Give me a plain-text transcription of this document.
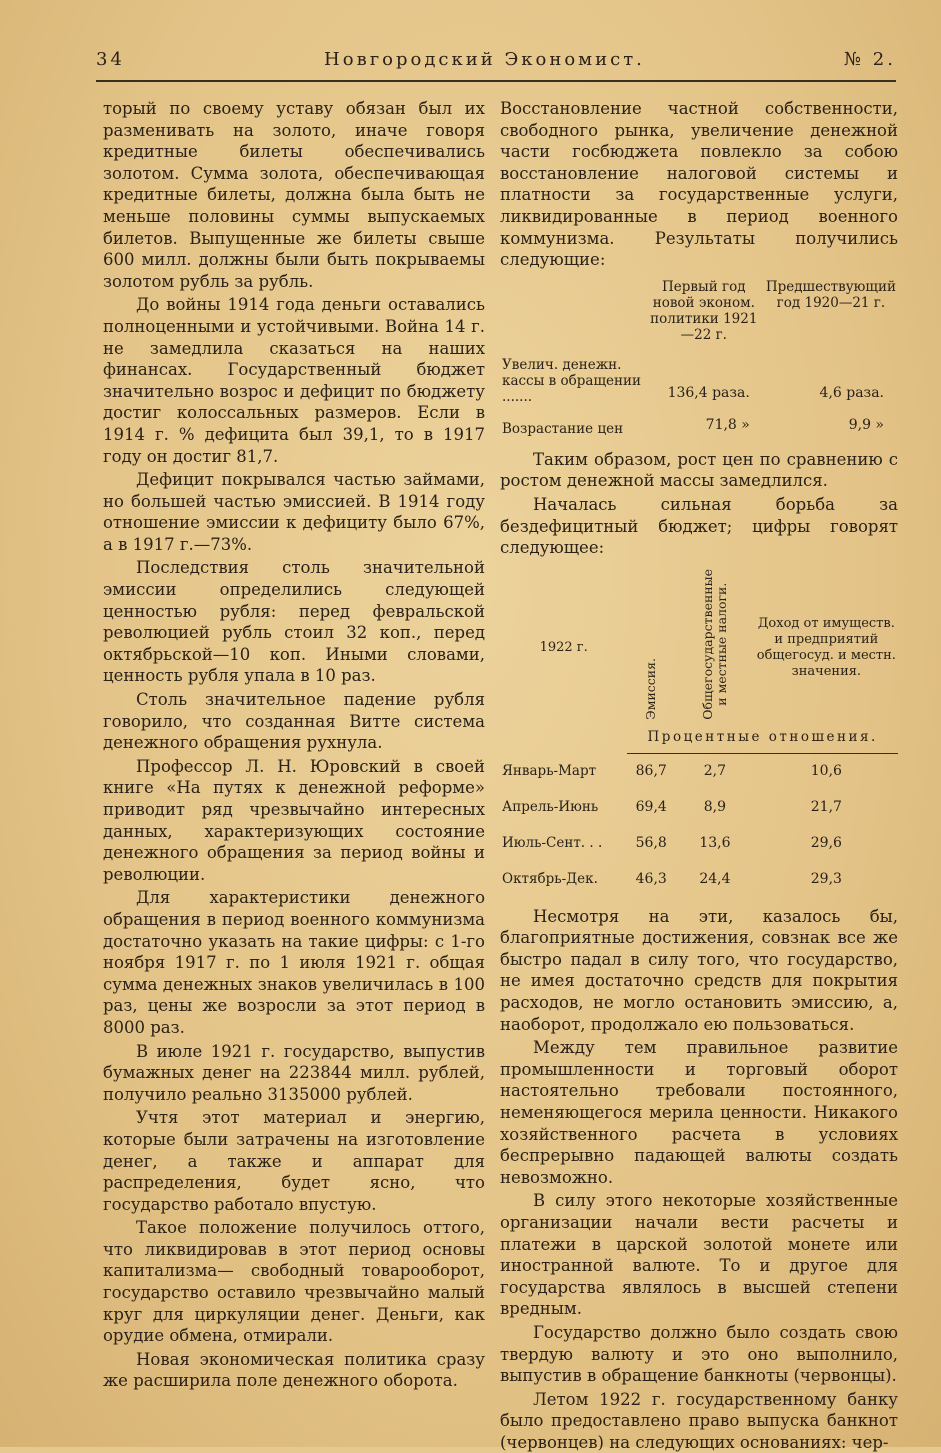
34	Новгородский Экономист.	№ 2.

торый по своему уставу обязан был их разменивать на золото, иначе говоря кредитные билеты обеспечивались золотом. Сумма золота, обеспечивающая кредитные билеты, должна была быть не меньше половины суммы выпускаемых билетов. Выпущенные же билеты свыше 600 милл. должны были быть покрываемы золотом рубль за рубль.

До войны 1914 года деньги оставались полноценными и устойчивыми. Война 14 г. не замедлила сказаться на наших финансах. Государственный бюджет значительно возрос и дефицит по бюджету достиг колоссальных размеров. Если в 1914 г. % дефицита был 39,1, то в 1917 году он достиг 81,7.

Дефицит покрывался частью займами, но большей частью эмиссией. В 1914 году отношение эмиссии к дефициту было 67%, а в 1917 г.—73%.

Последствия столь значительной эмиссии определились следующей ценностью рубля: перед февральской революцией рубль стоил 32 коп., перед октябрьской—10 коп. Иными словами, ценность рубля упала в 10 раз.

Столь значительное падение рубля говорило, что созданная Витте система денежного обращения рухнула.

Профессор Л. Н. Юровский в своей книге «На путях к денежной реформе» приводит ряд чрезвычайно интересных данных, характеризующих состояние денежного обращения за период войны и революции.

Для характеристики денежного обращения в период военного коммунизма достаточно указать на такие цифры: с 1-го ноября 1917 г. по 1 июля 1921 г. общая сумма денежных знаков увеличилась в 100 раз, цены же возросли за этот период в 8000 раз.

В июле 1921 г. государство, выпустив бумажных денег на 223844 милл. рублей, получило реально 3135000 рублей.

Учтя этот материал и энергию, которые были затрачены на изготовление денег, а также и аппарат для распределения, будет ясно, что государство работало впустую.

Такое положение получилось оттого, что ликвидировав в этот период основы капитализма— свободный товарооборот, государство оставило чрезвычайно малый круг для циркуляции денег. Деньги, как орудие обмена, отмирали.

Новая экономическая политика сразу же расширила поле денежного оборота.

Восстановление частной собственности, свободного рынка, увеличение денежной части госбюджета повлекло за собою восстановление налоговой системы и платности за государственные услуги, ликвидированные в период военного коммунизма. Результаты получились следующие:

	Первый год новой эконом. политики 1921—22 г.	Предшествующий год 1920—21 г.
Увелич. денежн. кассы в обращении .......	136,4 раза.	4,6 раза.
Возрастание цен	71,8 »	9,9 »

Таким образом, рост цен по сравнению с ростом денежной массы замедлился.

Началась сильная борьба за бездефицитный бюджет; цифры говорят следующее:

1922 г.	Эмиссия.	Общегосударственные и местные налоги.	Доход от имуществ. и предприятий общегосуд. и местн. значения.
	Процентные отношения.		
Январь-Март	86,7	2,7	10,6
Апрель-Июнь	69,4	8,9	21,7
Июль-Сент. . .	56,8	13,6	29,6
Октябрь-Дек.	46,3	24,4	29,3

Несмотря на эти, казалось бы, благоприятные достижения, совзнак все же быстро падал в силу того, что государство, не имея достаточно средств для покрытия расходов, не могло остановить эмиссию, а, наоборот, продолжало ею пользоваться.

Между тем правильное развитие промышленности и торговый оборот настоятельно требовали постоянного, неменяющегося мерила ценности. Никакого хозяйственного расчета в условиях беспрерывно падающей валюты создать невозможно.

В силу этого некоторые хозяйственные организации начали вести расчеты и платежи в царской золотой монете или иностранной валюте. То и другое для государства являлось в высшей степени вредным.

Государство должно было создать свою твердую валюту и это оно выполнило, выпустив в обращение банкноты (червонцы).

Летом 1922 г. государственному банку было предоставлено право выпуска банкнот (червонцев) на следующих основаниях: чер-
